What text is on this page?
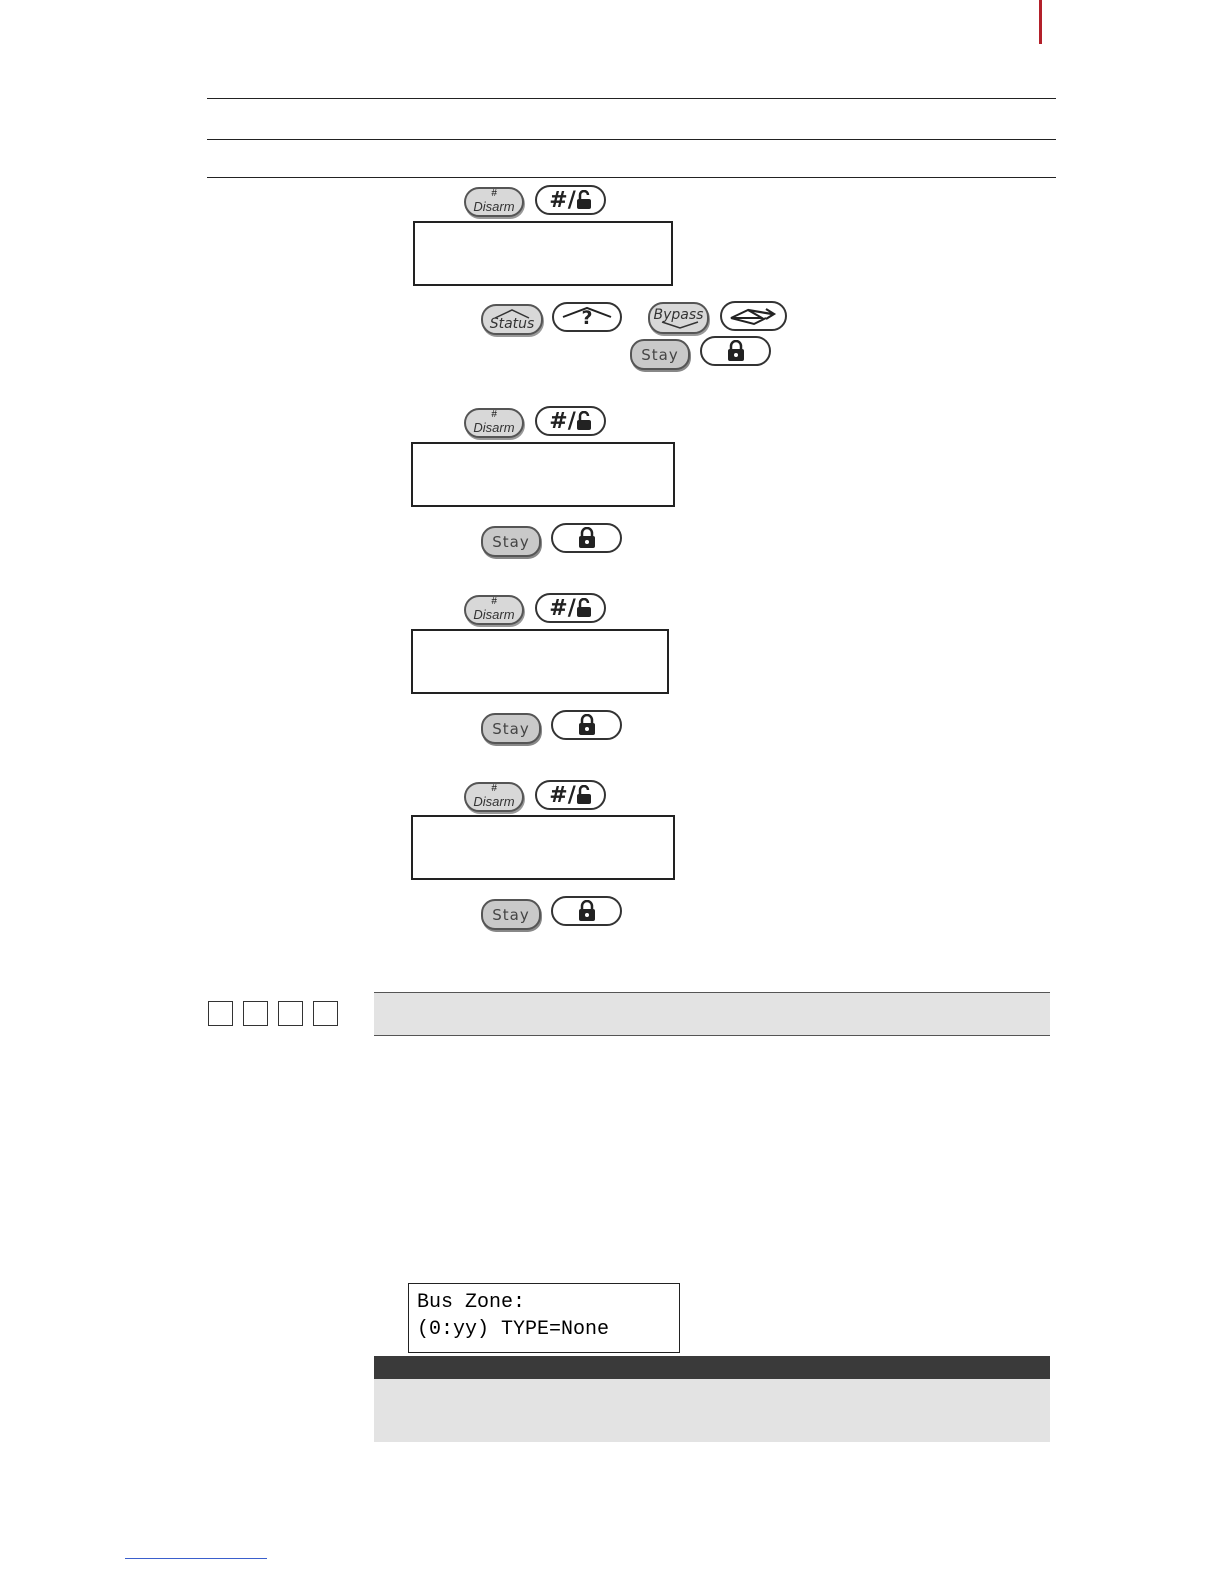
#
Disarm #/
Status ?	Bypass
Stay
#
Disarm #/
Stay
#
Disarm #/
Stay
#
Disarm #/
Stay
Bus Zone:
(0:yy) TYPE=None
